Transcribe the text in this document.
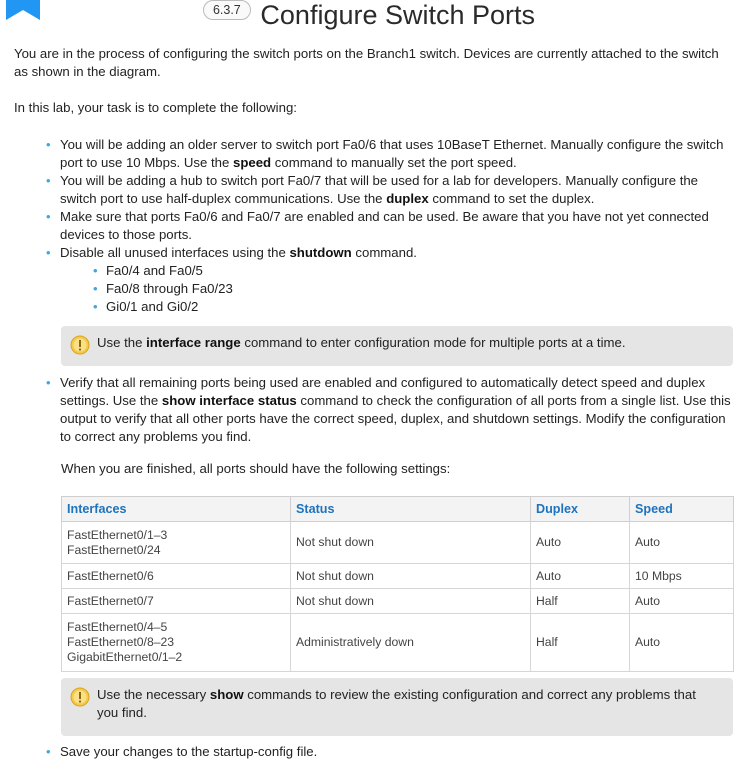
6.3.7 Configure Switch Ports
You are in the process of configuring the switch ports on the Branch1 switch. Devices are currently attached to the switch as shown in the diagram.
In this lab, your task is to complete the following:
• You will be adding an older server to switch port Fa0/6 that uses 10BaseT Ethernet. Manually configure the switch port to use 10 Mbps. Use the speed command to manually set the port speed.
• You will be adding a hub to switch port Fa0/7 that will be used for a lab for developers. Manually configure the switch port to use half-duplex communications. Use the duplex command to set the duplex.
• Make sure that ports Fa0/6 and Fa0/7 are enabled and can be used. Be aware that you have not yet connected devices to those ports.
• Disable all unused interfaces using the shutdown command.
• Fa0/4 and Fa0/5
• Fa0/8 through Fa0/23
• Gi0/1 and Gi0/2
Use the interface range command to enter configuration mode for multiple ports at a time.
• Verify that all remaining ports being used are enabled and configured to automatically detect speed and duplex settings. Use the show interface status command to check the configuration of all ports from a single list. Use this output to verify that all other ports have the correct speed, duplex, and shutdown settings. Modify the configuration to correct any problems you find.
When you are finished, all ports should have the following settings:
Interfaces	Status	Duplex	Speed

FastEthernet0/1–3
FastEthernet0/24	Not shut down	Auto	Auto
FastEthernet0/6	Not shut down	Auto	10 Mbps
FastEthernet0/7	Not shut down	Half	Auto

FastEthernet0/4–5
FastEthernet0/8–23
GigabitEthernet0/1–2	Administratively down	Half	Auto
Use the necessary show commands to review the existing configuration and correct any problems that you find.
• Save your changes to the startup-config file.
